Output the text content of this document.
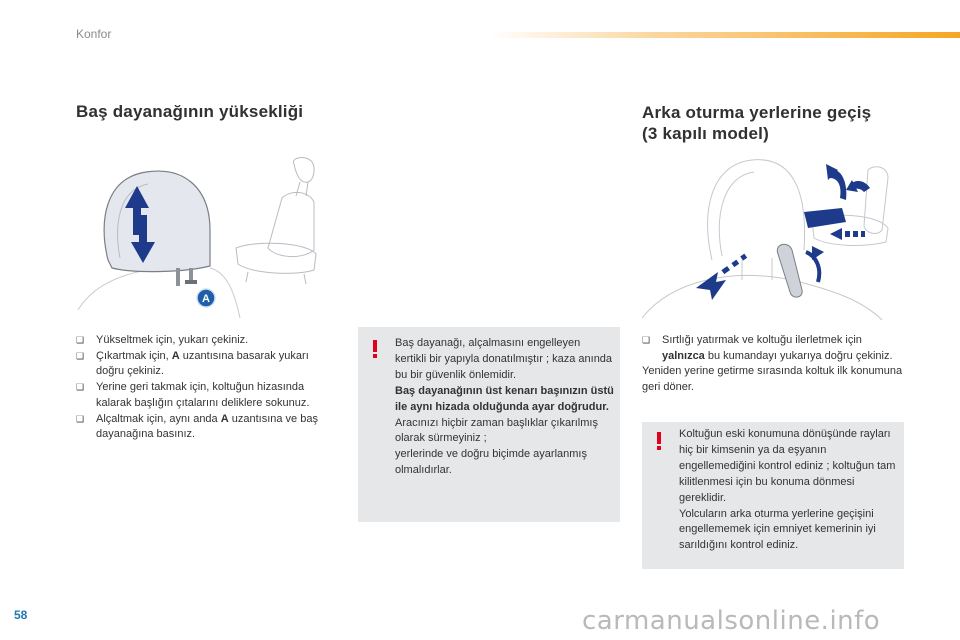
Konfor
Baş dayanağının yüksekliği
A
❑ Yükseltmek için, yukarı çekiniz.
❑ Çıkartmak için, A uzantısına basarak yukarı doğru çekiniz.
❑ Yerine geri takmak için, koltuğun hizasında kalarak başlığın çıtalarını deliklere sokunuz.
❑ Alçaltmak için, aynı anda A uzantısına ve baş dayanağına basınız.
Baş dayanağı, alçalmasını engelleyen kertikli bir yapıyla donatılmıştır ; kaza anında bu bir güvenlik önlemidir.
Baş dayanağının üst kenarı başınızın üstü ile aynı hizada olduğunda ayar doğrudur.
Aracınızı hiçbir zaman başlıklar çıkarılmış olarak sürmeyiniz ;
yerlerinde ve doğru biçimde ayarlanmış olmalıdırlar.
Arka oturma yerlerine geçiş
(3 kapılı model)
❑ Sırtlığı yatırmak ve koltuğu ilerletmek için yalnızca bu kumandayı yukarıya doğru çekiniz.
Yeniden yerine getirme sırasında koltuk ilk konumuna geri döner.
Koltuğun eski konumuna dönüşünde rayları hiç bir kimsenin ya da eşyanın engellemediğini kontrol ediniz ; koltuğun tam kilitlenmesi için bu konuma dönmesi gereklidir.
Yolcuların arka oturma yerlerine geçişini engellememek için emniyet kemerinin iyi sarıldığını kontrol ediniz.
58	carmanualsonline.info
